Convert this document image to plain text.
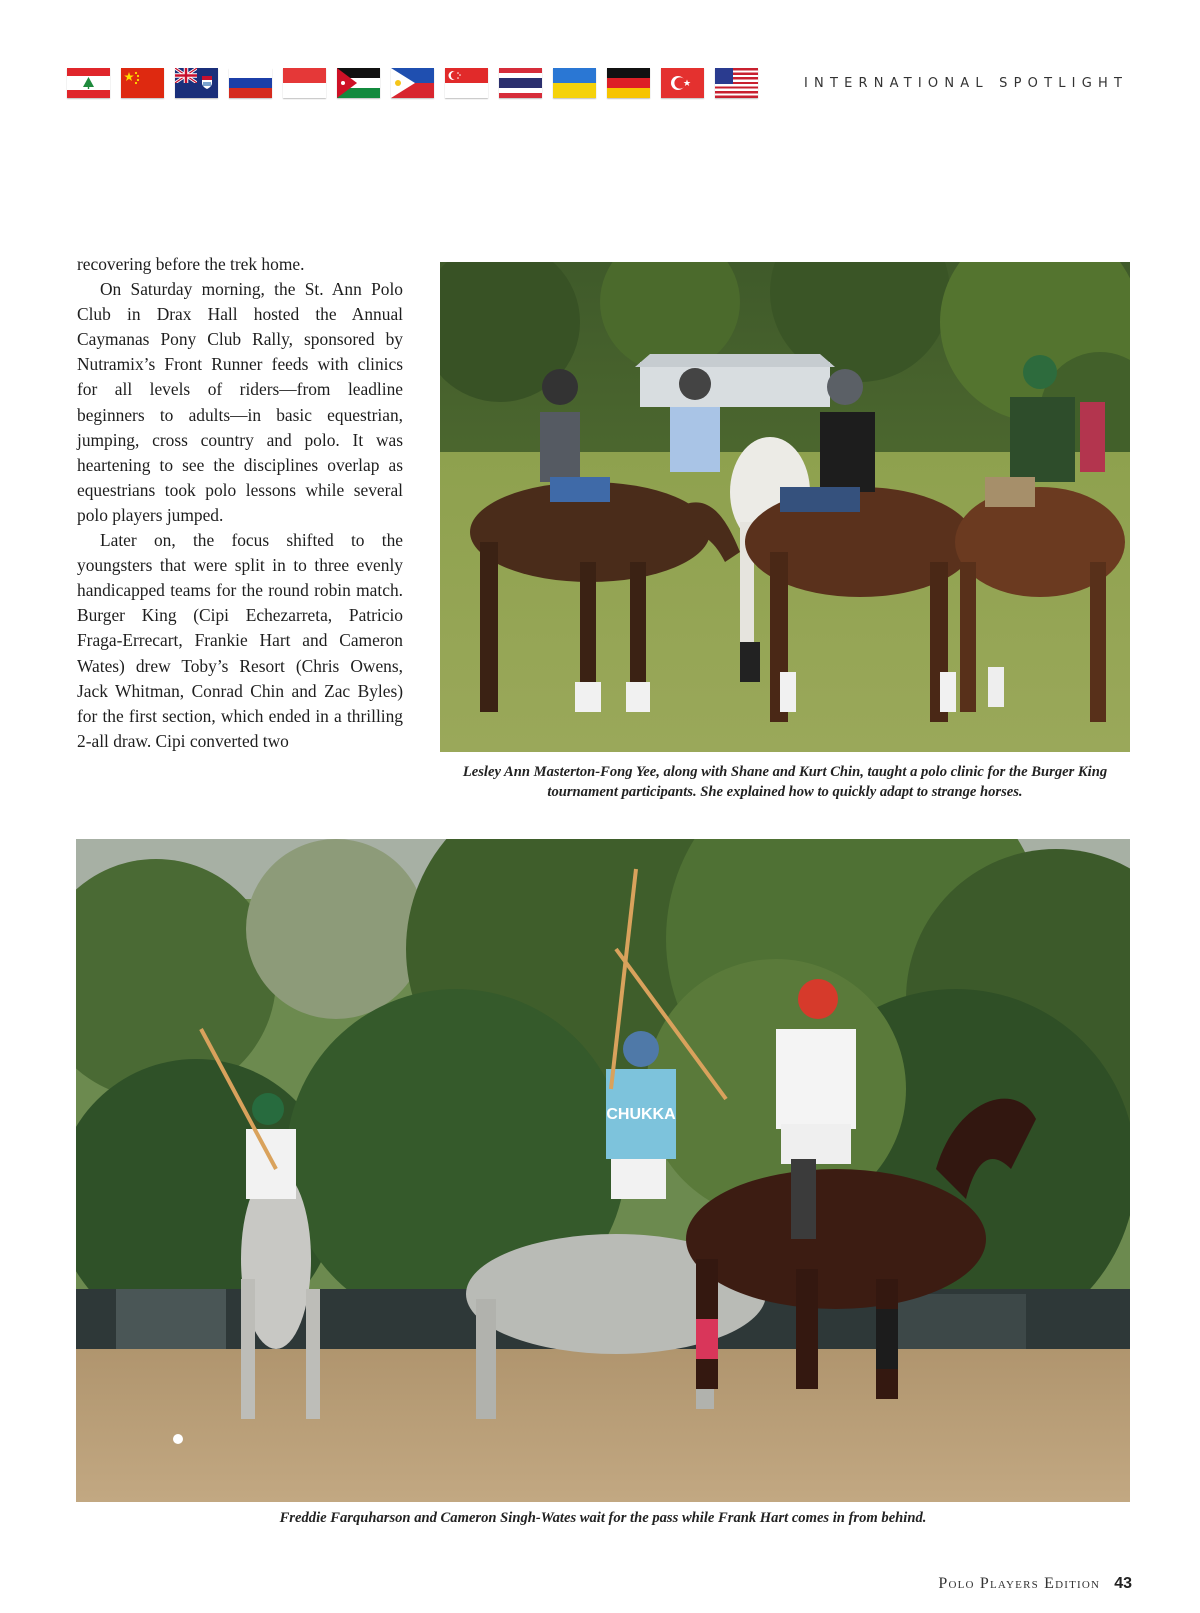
INTERNATIONAL SPOTLIGHT

recovering before the trek home.

On Saturday morning, the St. Ann Polo Club in Drax Hall hosted the Annual Caymanas Pony Club Rally, sponsored by Nutramix’s Front Runner feeds with clinics for all levels of riders—from leadline beginners to adults—in basic equestrian, jumping, cross country and polo. It was heartening to see the disciplines overlap as equestrians took polo lessons while several polo players jumped.

Later on, the focus shifted to the youngsters that were split in to three evenly handicapped teams for the round robin match. Burger King (Cipi Echezarreta, Patricio Fraga-Errecart, Frankie Hart and Cameron Wates) drew Toby’s Resort (Chris Owens, Jack Whitman, Conrad Chin and Zac Byles) for the first section, which ended in a thrilling 2-all draw. Cipi converted two

Lesley Ann Masterton-Fong Yee, along with Shane and Kurt Chin, taught a polo clinic for the Burger King tournament participants. She explained how to quickly adapt to strange horses.
CHUKKA
Freddie Farquharson and Cameron Singh-Wates wait for the pass while Frank Hart comes in from behind.
Polo Players Edition 43
